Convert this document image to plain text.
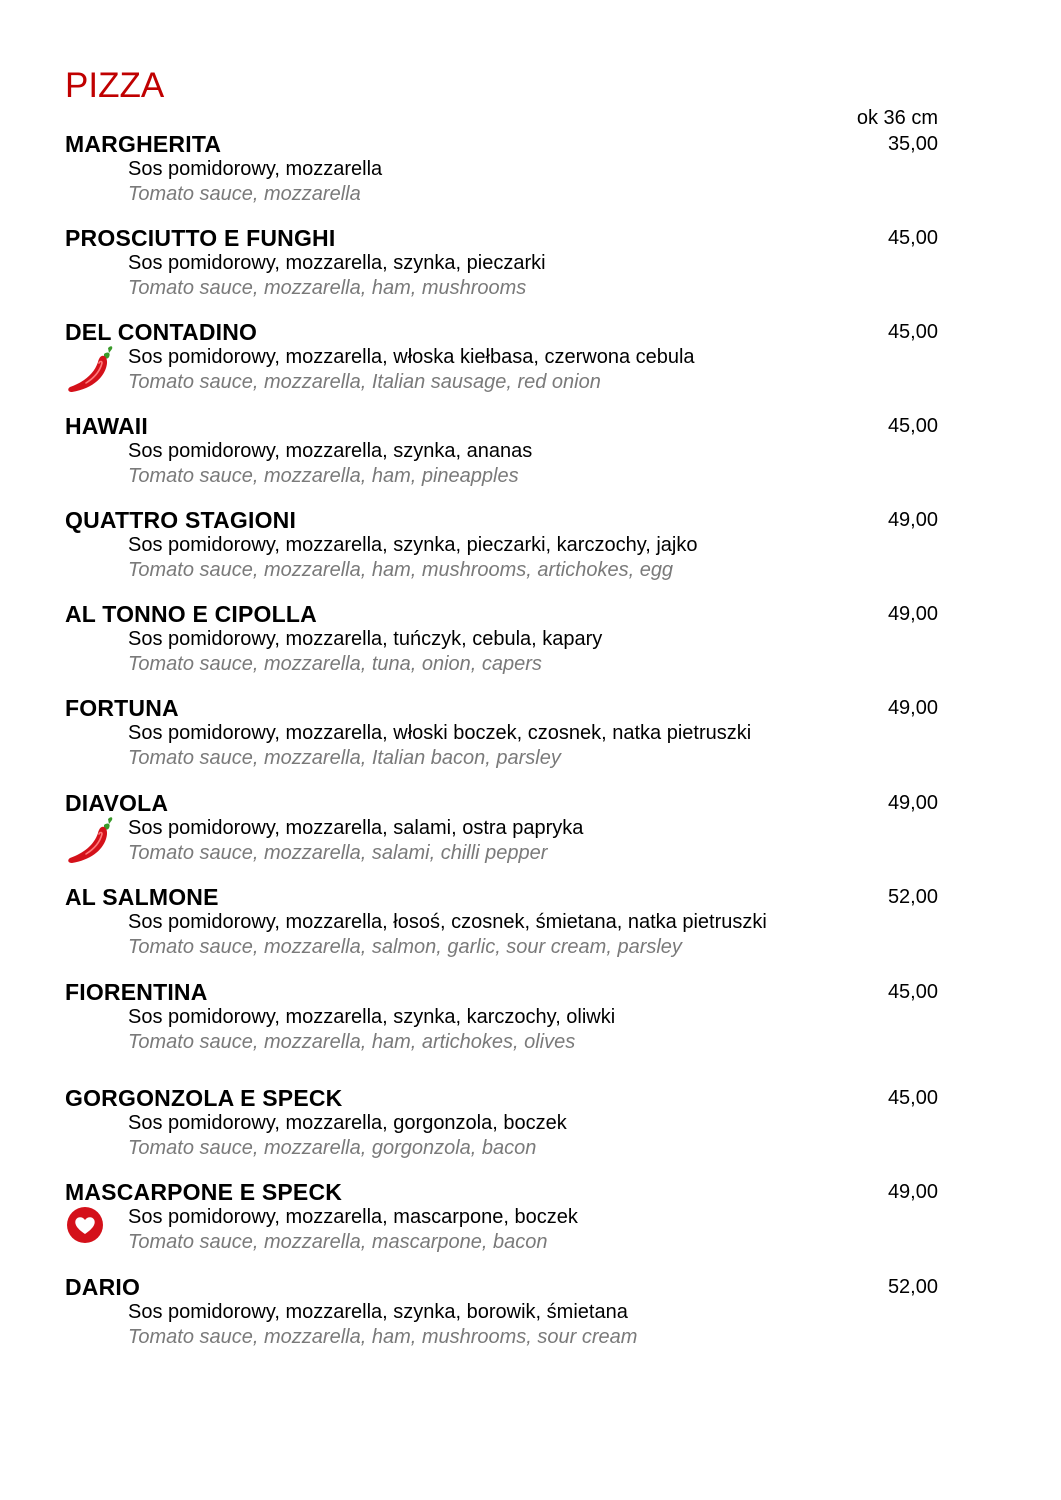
PIZZA
ok 36 cm
MARGHERITA	35,00
Sos pomidorowy, mozzarella
Tomato sauce, mozzarella
PROSCIUTTO E FUNGHI	45,00
Sos pomidorowy, mozzarella, szynka, pieczarki
Tomato sauce, mozzarella, ham, mushrooms
DEL CONTADINO	45,00
Sos pomidorowy, mozzarella, włoska kiełbasa, czerwona cebula
Tomato sauce, mozzarella, Italian sausage, red onion
HAWAII	45,00
Sos pomidorowy, mozzarella, szynka, ananas
Tomato sauce, mozzarella, ham, pineapples
QUATTRO STAGIONI	49,00
Sos pomidorowy, mozzarella, szynka, pieczarki, karczochy, jajko
Tomato sauce, mozzarella, ham, mushrooms, artichokes, egg
AL TONNO E CIPOLLA	49,00
Sos pomidorowy, mozzarella, tuńczyk, cebula, kapary
Tomato sauce, mozzarella, tuna, onion, capers
FORTUNA	49,00
Sos pomidorowy, mozzarella, włoski boczek, czosnek, natka pietruszki
Tomato sauce, mozzarella, Italian bacon, parsley
DIAVOLA	49,00
Sos pomidorowy, mozzarella, salami, ostra papryka
Tomato sauce, mozzarella, salami, chilli pepper
AL SALMONE	52,00
Sos pomidorowy, mozzarella, łosoś, czosnek, śmietana, natka pietruszki
Tomato sauce, mozzarella, salmon, garlic, sour cream, parsley
FIORENTINA	45,00
Sos pomidorowy, mozzarella, szynka, karczochy, oliwki
Tomato sauce, mozzarella, ham, artichokes, olives
GORGONZOLA E SPECK	45,00
Sos pomidorowy, mozzarella, gorgonzola, boczek
Tomato sauce, mozzarella, gorgonzola, bacon
MASCARPONE E SPECK	49,00
Sos pomidorowy, mozzarella, mascarpone, boczek
Tomato sauce, mozzarella, mascarpone, bacon
DARIO	52,00
Sos pomidorowy, mozzarella, szynka, borowik, śmietana
Tomato sauce, mozzarella, ham, mushrooms, sour cream
